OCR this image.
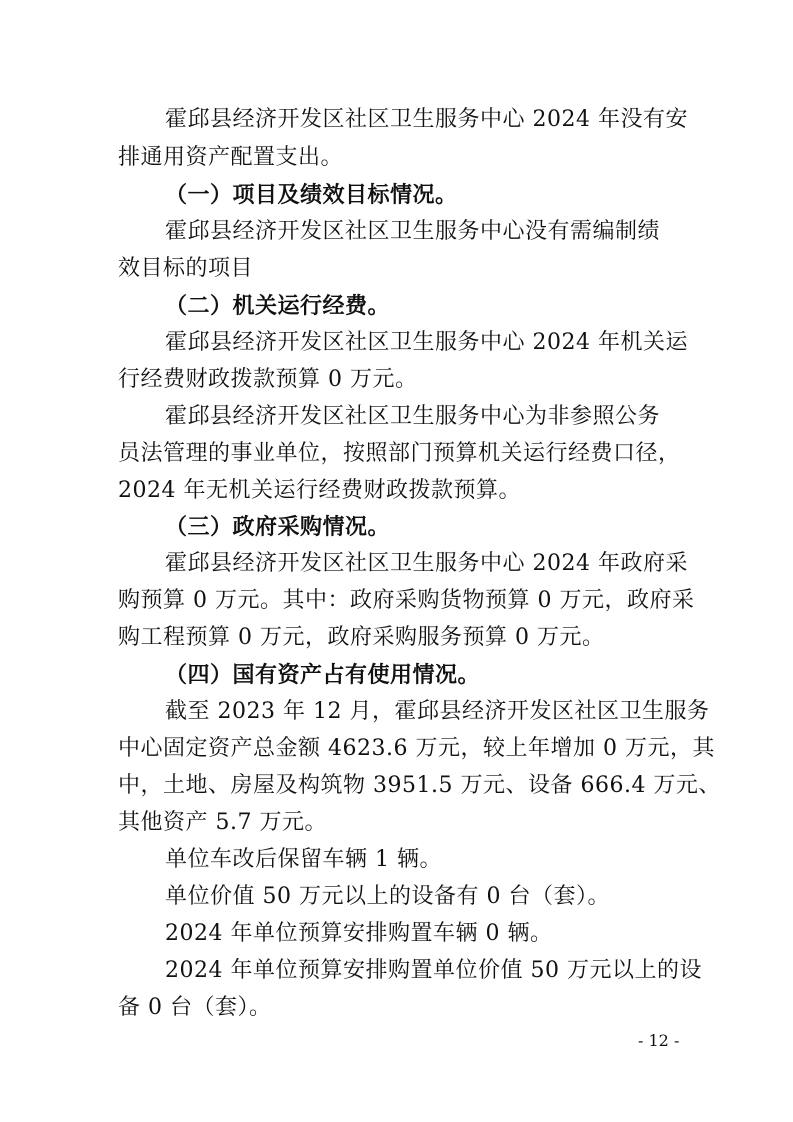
霍邱县经济开发区社区卫生服务中心 2024 年没有安
排通用资产配置支出。
（一）项目及绩效目标情况。
霍邱县经济开发区社区卫生服务中心没有需编制绩
效目标的项目
（二）机关运行经费。
霍邱县经济开发区社区卫生服务中心 2024 年机关运
行经费财政拨款预算 0 万元。
霍邱县经济开发区社区卫生服务中心为非参照公务
员法管理的事业单位，按照部门预算机关运行经费口径，
2024 年无机关运行经费财政拨款预算。
（三）政府采购情况。
霍邱县经济开发区社区卫生服务中心 2024 年政府采
购预算 0 万元。其中：政府采购货物预算 0 万元，政府采
购工程预算 0 万元，政府采购服务预算 0 万元。
（四）国有资产占有使用情况。
截至 2023 年 12 月，霍邱县经济开发区社区卫生服务
中心固定资产总金额 4623.6 万元，较上年增加 0 万元，其
中，土地、房屋及构筑物 3951.5 万元、设备 666.4 万元、
其他资产 5.7 万元。
单位车改后保留车辆 1 辆。
单位价值 50 万元以上的设备有 0 台（套）。
2024 年单位预算安排购置车辆 0 辆。
2024 年单位预算安排购置单位价值 50 万元以上的设
备 0 台（套）。
- 12 -
